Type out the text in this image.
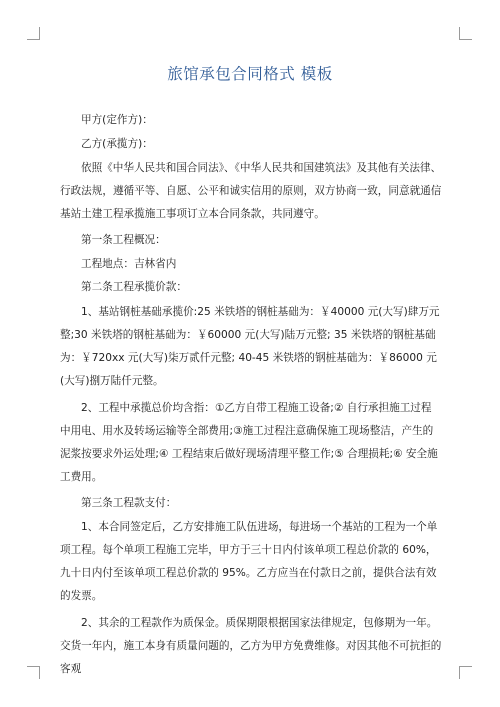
旅馆承包合同格式 模板

甲方(定作方)：

乙方(承揽方)：

依照《中华人民共和国合同法》、《中华人民共和国建筑法》及其他有关法律、行政法规，遵循平等、自愿、公平和诚实信用的原则，双方协商一致，同意就通信基站土建工程承揽施工事项订立本合同条款，共同遵守。

第一条工程概况：

工程地点：吉林省内

第二条工程承揽价款：

1、基站钢桩基础承揽价:25 米铁塔的钢桩基础为：￥40000 元(大写)肆万元整;30 米铁塔的钢桩基础为：￥60000 元(大写)陆万元整; 35 米铁塔的钢桩基础为：￥720xx 元(大写)柒万贰仟元整; 40-45 米铁塔的钢桩基础为：￥86000 元(大写)捌万陆仟元整。

2、工程中承揽总价均含指：①乙方自带工程施工设备;② 自行承担施工过程中用电、用水及转场运输等全部费用;③施工过程注意确保施工现场整洁，产生的泥浆按要求外运处理;④ 工程结束后做好现场清理平整工作;⑤ 合理损耗;⑥ 安全施工费用。

第三条工程款支付：

1、本合同签定后，乙方安排施工队伍进场，每进场一个基站的工程为一个单项工程。每个单项工程施工完毕，甲方于三十日内付该单项工程总价款的 60%，九十日内付至该单项工程总价款的 95%。乙方应当在付款日之前，提供合法有效的发票。

2、其余的工程款作为质保金。质保期限根据国家法律规定，包修期为一年。交货一年内，施工本身有质量问题的，乙方为甲方免费维修。对因其他不可抗拒的客观
